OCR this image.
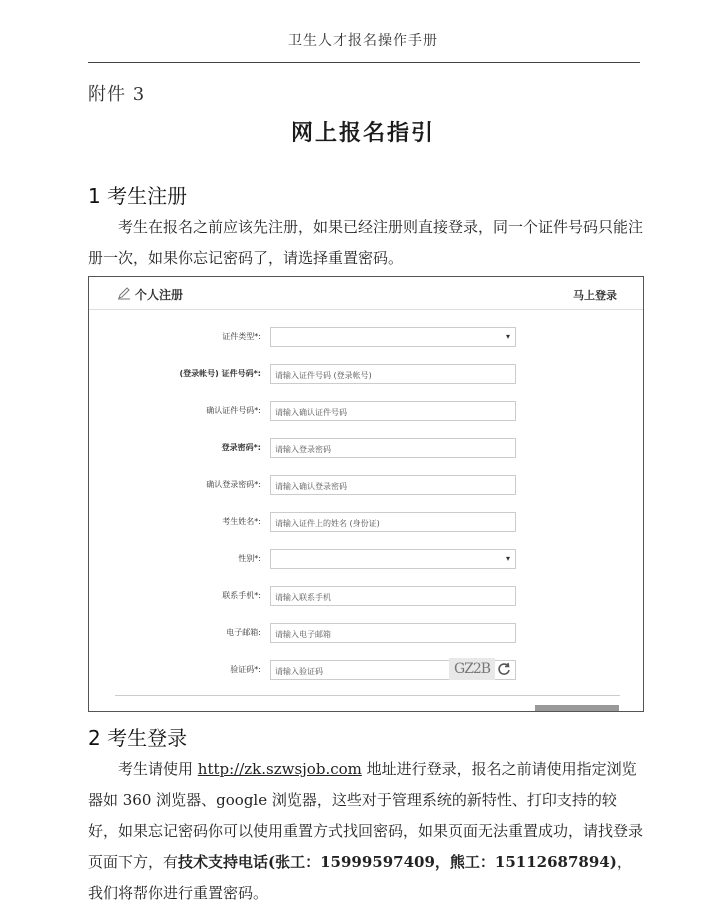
卫生人才报名操作手册
附件 3
网上报名指引
1 考生注册
考生在报名之前应该先注册，如果已经注册则直接登录，同一个证件号码只能注册一次，如果你忘记密码了，请选择重置密码。
个人注册	马上登录
证件类型*:
▾
(登录帐号) 证件号码*:	请输入证件号码 (登录帐号)
确认证件号码*:	请输入确认证件号码
登录密码*:	请输入登录密码
确认登录密码*:	请输入确认登录密码
考生姓名*:	请输入证件上的姓名 (身份证)
性别*:
▾
联系手机*:	请输入联系手机
电子邮箱:	请输入电子邮箱
验证码*:	请输入验证码	GZ2B
2 考生登录
考生请使用 http://zk.szwsjob.com 地址进行登录，报名之前请使用指定浏览器如 360 浏览器、google 浏览器，这些对于管理系统的新特性、打印支持的较好，如果忘记密码你可以使用重置方式找回密码，如果页面无法重置成功，请找登录页面下方，有技术支持电话(张工：15999597409，熊工：15112687894)，我们将帮你进行重置密码。
